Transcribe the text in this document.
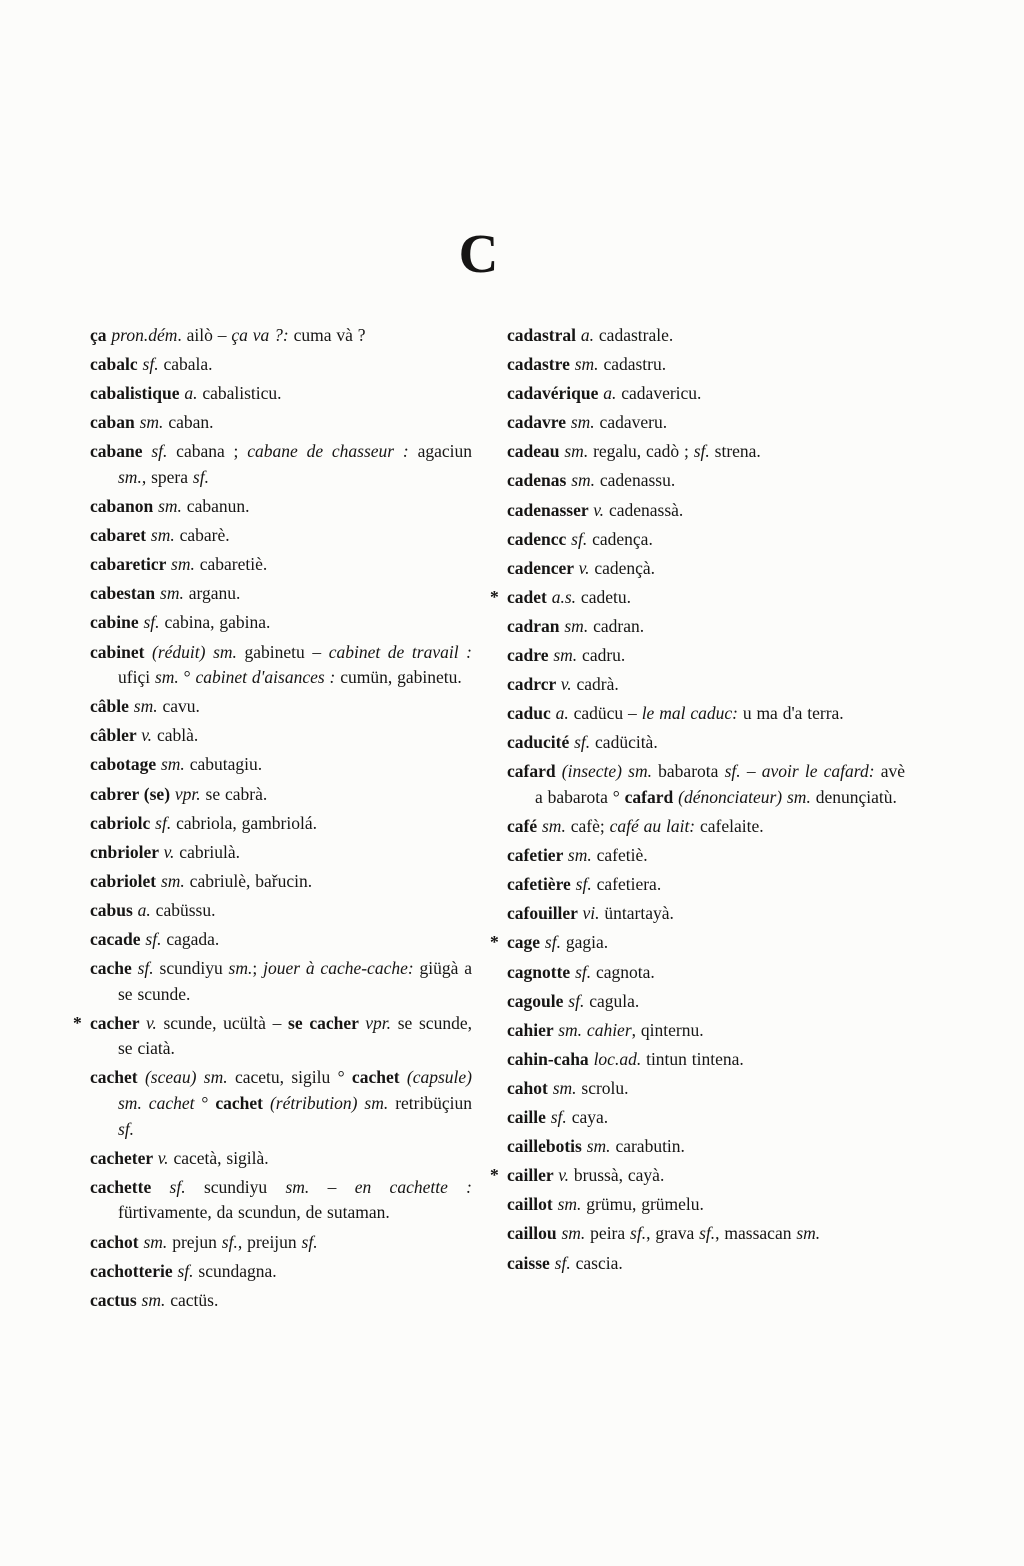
C
ça pron.dém. ailò – ça va ?: cuma và ?
cabalc sf. cabala.
cabalistique a. cabalisticu.
caban sm. caban.
cabane sf. cabana ; cabane de chasseur : agaciun sm., spera sf.
cabanon sm. cabanun.
cabaret sm. cabarè.
cabareticr sm. cabaretiè.
cabestan sm. arganu.
cabine sf. cabina, gabina.
cabinet (réduit) sm. gabinetu – cabinet de travail : ufiçi sm. ° cabinet d'aisances : cumün, gabinetu.
câble sm. cavu.
câbler v. cablà.
cabotage sm. cabutagiu.
cabrer (se) vpr. se cabrà.
cabriolc sf. cabriola, gambriolá.
cnbrioler v. cabriulà.
cabriolet sm. cabriulè, bařucin.
cabus a. cabüssu.
cacade sf. cagada.
cache sf. scundiyu sm.; jouer à cache-cache: giügà a se scunde.
* cacher v. scunde, ucültà – se cacher vpr. se scunde, se ciatà.
cachet (sceau) sm. cacetu, sigilu ° cachet (capsule) sm. cachet ° cachet (rétribution) sm. retribüçiun sf.
cacheter v. cacetà, sigilà.
cachette sf. scundiyu sm. – en cachette : fürtivamente, da scundun, de sutaman.
cachot sm. prejun sf., preijun sf.
cachotterie sf. scundagna.
cactus sm. cactüs.
cadastral a. cadastrale.
cadastre sm. cadastru.
cadavérique a. cadavericu.
cadavre sm. cadaveru.
cadeau sm. regalu, cadò ; sf. strena.
cadenas sm. cadenassu.
cadenasser v. cadenassà.
cadencc sf. cadença.
cadencer v. cadençà.
* cadet a.s. cadetu.
cadran sm. cadran.
cadre sm. cadru.
cadrcr v. cadrà.
caduc a. cadücu – le mal caduc: u ma d'a terra.
caducité sf. cadücità.
cafard (insecte) sm. babarota sf. – avoir le cafard: avè a babarota ° cafard (dénonciateur) sm. denunçiatù.
café sm. cafè; café au lait: cafelaite.
cafetier sm. cafetiè.
cafetière sf. cafetiera.
cafouiller vi. üntartayà.
* cage sf. gagia.
cagnotte sf. cagnota.
cagoule sf. cagula.
cahier sm. cahier, qinternu.
cahin-caha loc.ad. tintun tintena.
cahot sm. scrolu.
caille sf. caya.
caillebotis sm. carabutin.
* cailler v. brussà, cayà.
caillot sm. grümu, grümelu.
caillou sm. peira sf., grava sf., massacan sm.
caisse sf. cascia.
